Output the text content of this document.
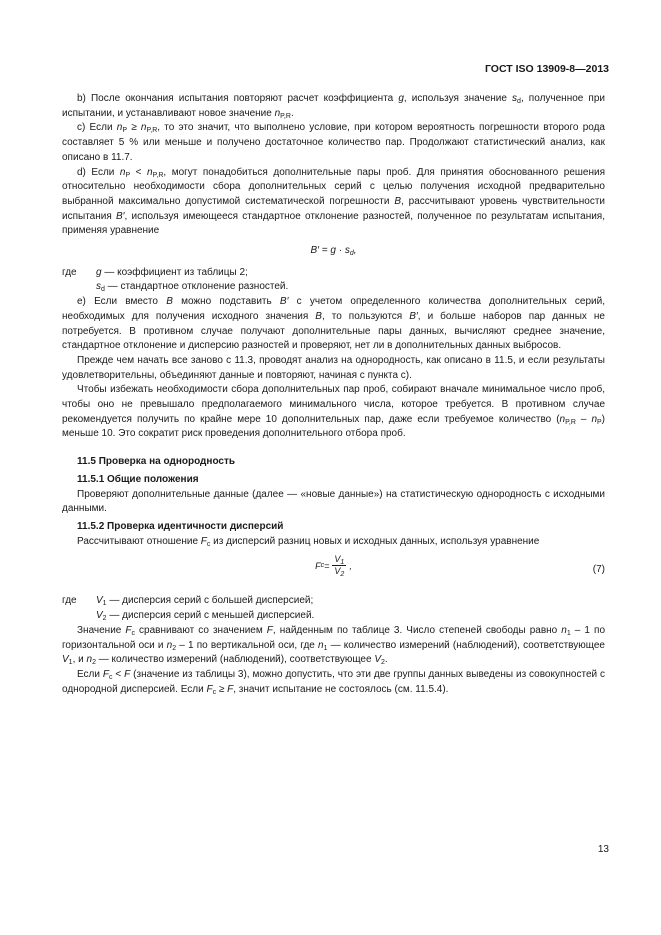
ГОСТ ISO 13909-8—2013

b) После окончания испытания повторяют расчет коэффициента g, используя значение $s_d$, полученное при испытании, и устанавливают новое значение $n_{P,R}$.

c) Если $n_P \ge n_{P,R}$, то это значит, что выполнено условие, при котором вероятность погрешности второго рода составляет 5 % или меньше и получено достаточное количество пар. Продолжают статистический анализ, как описано в 11.7.

d) Если $n_P < n_{P,R}$, могут понадобиться дополнительные пары проб. Для принятия обоснованного решения относительно необходимости сбора дополнительных серий с целью получения исходной предварительно выбранной максимально допустимой систематической погрешности B, рассчитывают уровень чувствительности испытания B′, используя имеющееся стандартное отклонение разностей, полученное по результатам испытания, применяя уравнение

$B' = g \cdot s_d$,

где g — коэффициент из таблицы 2;

$s_d$ — стандартное отклонение разностей.

e) Если вместо B можно подставить B′ с учетом определенного количества дополнительных серий, необходимых для получения исходного значения B, то пользуются B′, и больше наборов пар данных не потребуется. В противном случае получают дополнительные пары данных, вычисляют среднее значение, стандартное отклонение и дисперсию разностей и проверяют, нет ли в дополнительных данных выбросов.

Прежде чем начать все заново с 11.3, проводят анализ на однородность, как описано в 11.5, и если результаты удовлетворительны, объединяют данные и повторяют, начиная с пункта c).

Чтобы избежать необходимости сбора дополнительных пар проб, собирают вначале минимальное число проб, чтобы оно не превышало предполагаемого минимального числа, которое требуется. В противном случае рекомендуется получить по крайне мере 10 дополнительных пар, даже если требуемое количество $(n_{P,R} - n_P)$ меньше 10. Это сократит риск проведения дополнительного отбора проб.

11.5 Проверка на однородность
11.5.1 Общие положения

Проверяют дополнительные данные (далее — «новые данные») на статистическую однородность с исходными данными.

11.5.2 Проверка идентичности дисперсий

Рассчитывают отношение $F_c$ из дисперсий разниц новых и исходных данных, используя уравнение

F $c = \frac{V_1}{V_2}$ ,	(7)

где $V_1$ — дисперсия серий с большей дисперсией;

$V_2$ — дисперсия серий с меньшей дисперсией.

Значение $F_c$ сравнивают со значением F, найденным по таблице 3. Число степеней свободы равно $n_1 - 1$ по горизонтальной оси и $n_2 - 1$ по вертикальной оси, где $n_1$ — количество измерений (наблюдений), соответствующее $V_1$, и $n_2$ — количество измерений (наблюдений), соответствующее $V_2$.

Если $F_c < F$ (значение из таблицы 3), можно допустить, что эти две группы данных выведены из совокупностей с однородной дисперсией. Если $F_c \ge F$, значит испытание не состоялось (см. 11.5.4).

13
